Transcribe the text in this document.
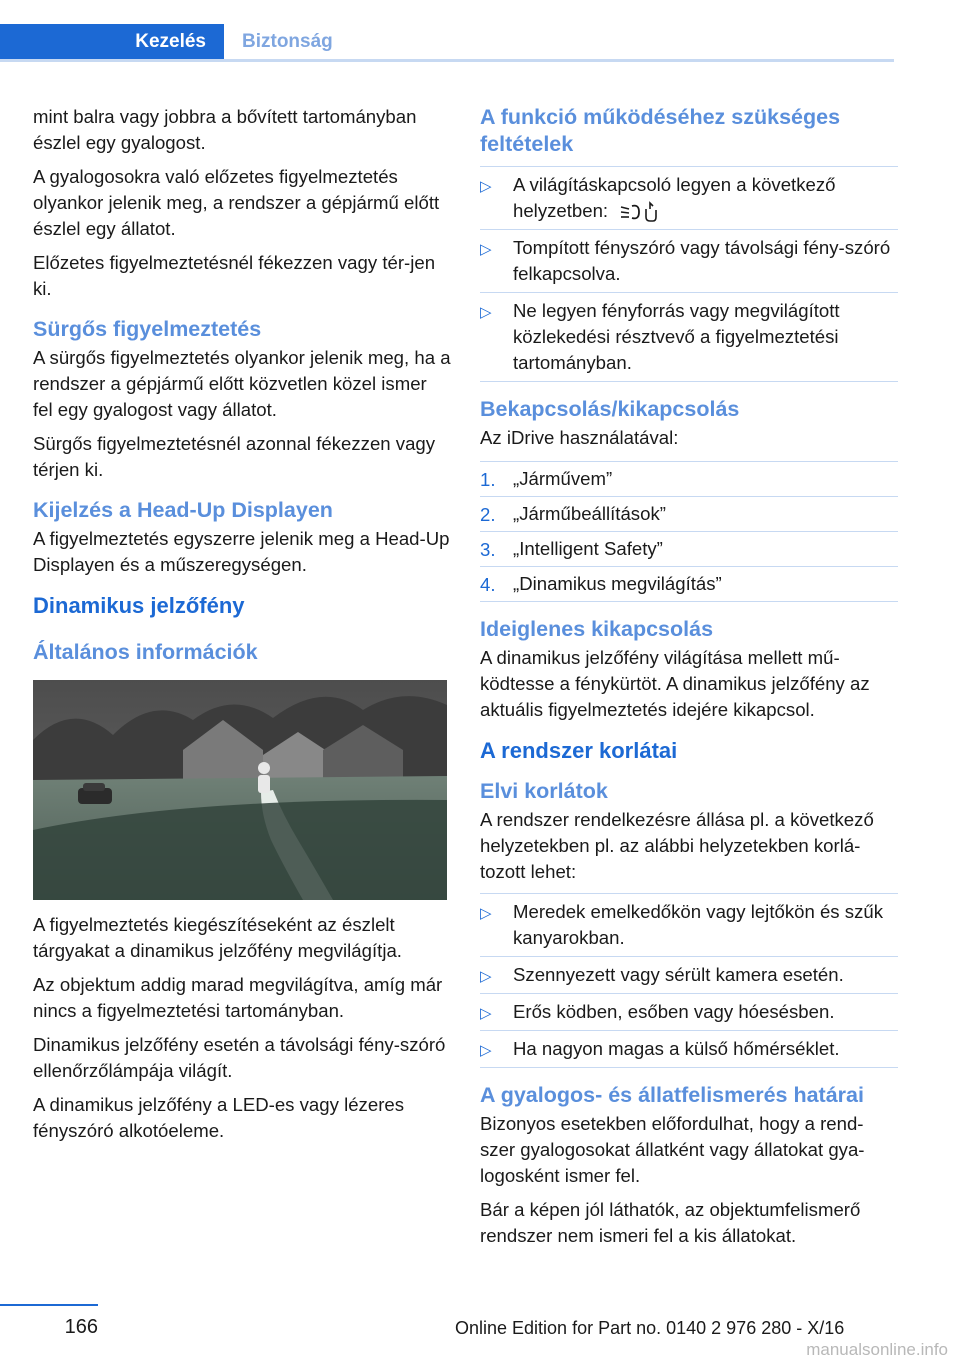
Kezelés	Biztonság

mint balra vagy jobbra a bővített tartományban észlel egy gyalogost.

A gyalogosokra való előzetes figyelmeztetés olyankor jelenik meg, a rendszer a gépjármű előtt észlel egy állatot.

Előzetes figyelmeztetésnél fékezzen vagy tér-jen ki.

Sürgős figyelmeztetés

A sürgős figyelmeztetés olyankor jelenik meg, ha a rendszer a gépjármű előtt közvetlen közel ismer fel egy gyalogost vagy állatot.

Sürgős figyelmeztetésnél azonnal fékezzen vagy térjen ki.

Kijelzés a Head-Up Displayen

A figyelmeztetés egyszerre jelenik meg a Head-Up Displayen és a műszeregységen.

Dinamikus jelzőfény
Általános információk

A figyelmeztetés kiegészítéseként az észlelt tárgyakat a dinamikus jelzőfény megvilágítja.

Az objektum addig marad megvilágítva, amíg már nincs a figyelmeztetési tartományban.

Dinamikus jelzőfény esetén a távolsági fény-szóró ellenőrzőlámpája világít.

A dinamikus jelzőfény a LED-es vagy lézeres fényszóró alkotóeleme.

A funkció működéséhez szükséges feltételek
▷ A világításkapcsoló legyen a következő helyzetben:
▷ Tompított fényszóró vagy távolsági fény-szóró felkapcsolva.
▷ Ne legyen fényforrás vagy megvilágított közlekedési résztvevő a figyelmeztetési tartományban.
Bekapcsolás/kikapcsolás

Az iDrive használatával:

1. „Járművem”
2. „Járműbeállítások”
3. „Intelligent Safety”
4. „Dinamikus megvilágítás”
Ideiglenes kikapcsolás

A dinamikus jelzőfény világítása mellett mű-ködtesse a fénykürtöt. A dinamikus jelzőfény az aktuális figyelmeztetés idejére kikapcsol.

A rendszer korlátai
Elvi korlátok

A rendszer rendelkezésre állása pl. a következő helyzetekben pl. az alábbi helyzetekben korlá-tozott lehet:

▷ Meredek emelkedőkön vagy lejtőkön és szűk kanyarokban.
▷ Szennyezett vagy sérült kamera esetén.
▷ Erős ködben, esőben vagy hóesésben.
▷ Ha nagyon magas a külső hőmérséklet.
A gyalogos- és állatfelismerés határai

Bizonyos esetekben előfordulhat, hogy a rend-szer gyalogosokat állatként vagy állatokat gya-logosként ismer fel.

Bár a képen jól láthatók, az objektumfelismerő rendszer nem ismeri fel a kis állatokat.

166	Online Edition for Part no. 0140 2 976 280 - X/16
manualsonline.info
